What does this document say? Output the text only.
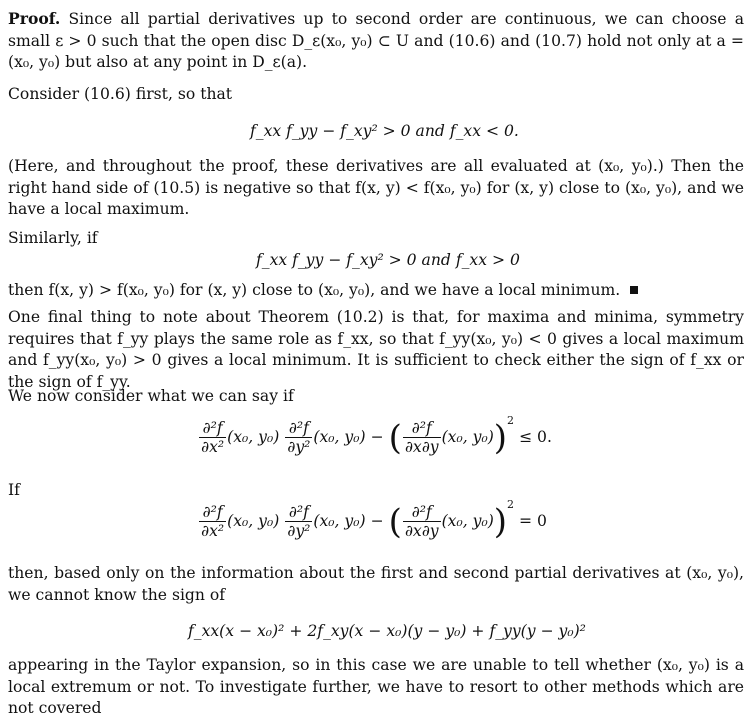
Proof. Since all partial derivatives up to second order are continuous, we can choose a small ε > 0 such that the open disc D_ε(x₀, y₀) ⊂ U and (10.6) and (10.7) hold not only at a = (x₀, y₀) but also at any point in D_ε(a).

Consider (10.6) first, so that

f_xx f_yy − f_xy² > 0 and f_xx < 0.

(Here, and throughout the proof, these derivatives are all evaluated at (x₀, y₀).) Then the right hand side of (10.5) is negative so that f(x, y) < f(x₀, y₀) for (x, y) close to (x₀, y₀), and we have a local maximum.

Similarly, if

f_xx f_yy − f_xy² > 0 and f_xx > 0

then f(x, y) > f(x₀, y₀) for (x, y) close to (x₀, y₀), and we have a local minimum.

One final thing to note about Theorem (10.2) is that, for maxima and minima, symmetry requires that f_yy plays the same role as f_xx, so that f_yy(x₀, y₀) < 0 gives a local maximum and f_yy(x₀, y₀) > 0 gives a local minimum. It is sufficient to check either the sign of f_xx or the sign of f_yy.

We now consider what we can say if

$\frac{\text{∂²f}}{\text{∂x²}} (x_0$, $y_0) \frac{\text{∂²f}}{\text{∂y²}} (x_0$, y₀) − ( $\frac{\text{∂²f}}{\partial x\partial y} (x_0$, y₀))$^2$ ≤ 0.

If

$\frac{\text{∂²f}}{\text{∂x²}} (x_0$, $y_0) \frac{\text{∂²f}}{\text{∂y²}} (x_0$, y₀) − ( $\frac{\text{∂²f}}{\partial x\partial y} (x_0$, y₀))$^2$ = 0

then, based only on the information about the first and second partial derivatives at (x₀, y₀), we cannot know the sign of

f_xx(x − x₀)² + 2f_xy(x − x₀)(y − y₀) + f_yy(y − y₀)²

appearing in the Taylor expansion, so in this case we are unable to tell whether (x₀, y₀) is a local extremum or not. To investigate further, we have to resort to other methods which are not covered
